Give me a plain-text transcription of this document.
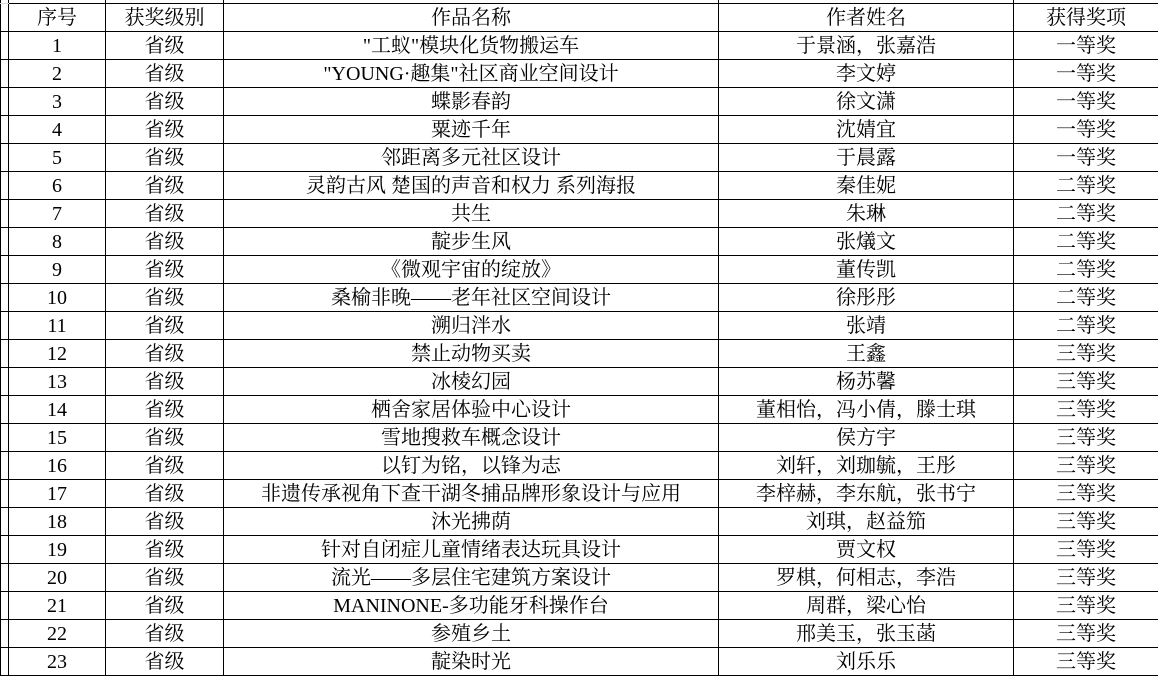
	序号	获奖级别	作品名称	作者姓名	获得奖项
	1	省级	"工蚁"模块化货物搬运车	于景涵，张嘉浩	一等奖
	2	省级	"YOUNG·趣集"社区商业空间设计	李文婷	一等奖
	3	省级	蝶影春韵	徐文潇	一等奖
	4	省级	粟迹千年	沈婧宜	一等奖
	5	省级	邻距离多元社区设计	于晨露	一等奖
	6	省级	灵韵古风 楚国的声音和权力 系列海报	秦佳妮	二等奖
	7	省级	共生	朱琳	二等奖
	8	省级	靛步生风	张燨文	二等奖
	9	省级	《微观宇宙的绽放》	董传凯	二等奖
	10	省级	桑榆非晚——老年社区空间设计	徐彤彤	二等奖
	11	省级	溯归泮水	张靖	二等奖
	12	省级	禁止动物买卖	王鑫	三等奖
	13	省级	冰棱幻园	杨苏馨	三等奖
	14	省级	栖舍家居体验中心设计	董相怡，冯小倩，滕士琪	三等奖
	15	省级	雪地搜救车概念设计	侯方宇	三等奖
	16	省级	以钉为铭，以锋为志	刘轩，刘珈毓，王彤	三等奖
	17	省级	非遗传承视角下查干湖冬捕品牌形象设计与应用	李梓赫，李东航，张书宁	三等奖
	18	省级	沐光拂荫	刘琪，赵益笳	三等奖
	19	省级	针对自闭症儿童情绪表达玩具设计	贾文权	三等奖
	20	省级	流光——多层住宅建筑方案设计	罗棋，何相志，李浩	三等奖
	21	省级	MANINONE-多功能牙科操作台	周群，梁心怡	三等奖
	22	省级	参殖乡土	邢美玉，张玉菡	三等奖
	23	省级	靛染时光	刘乐乐	三等奖
